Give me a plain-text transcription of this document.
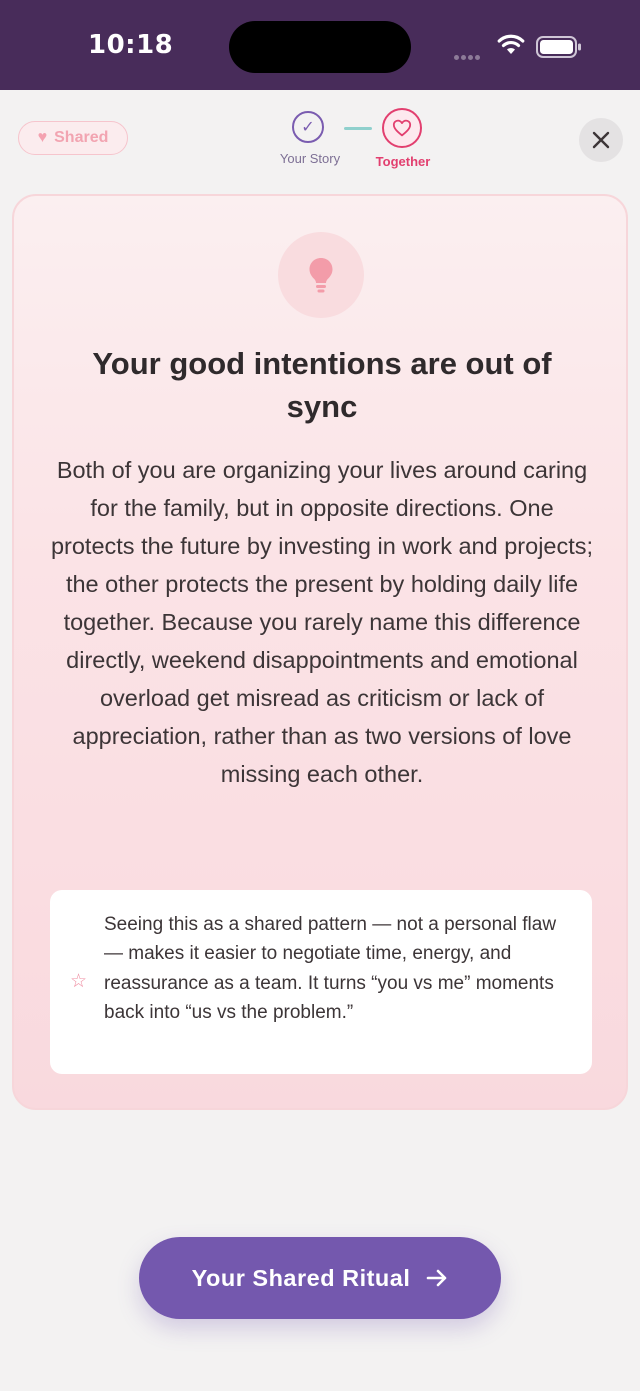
10:18
♥ Shared
✓
Your Story	Together
Your good intentions are out of sync
Both of you are organizing your lives around caring for the family, but in opposite directions. One protects the future by investing in work and projects; the other protects the present by holding daily life together. Because you rarely name this difference directly, weekend disappointments and emotional overload get misread as criticism or lack of appreciation, rather than as two versions of love missing each other.
☆
Seeing this as a shared pattern — not a personal flaw — makes it easier to negotiate time, energy, and reassurance as a team. It turns “you vs me” moments back into “us vs the problem.”
Your Shared Ritual
